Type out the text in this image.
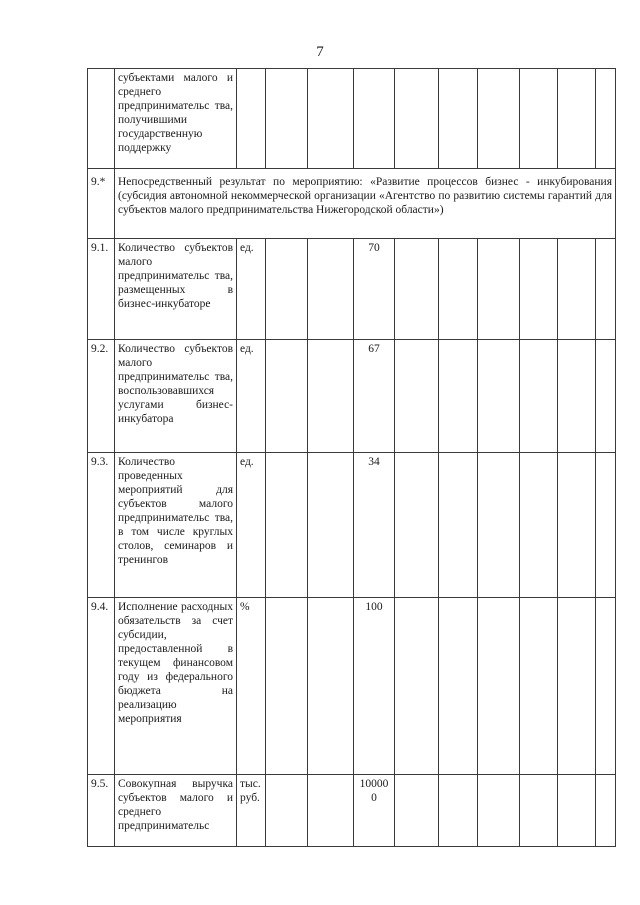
7
	субъектами малого и среднего предпринимательс тва, получившими государственную поддержку										
9.*	Непосредственный результат по мероприятию: «Развитие процессов бизнес - инкубирования (субсидия автономной некоммерческой организации «Агентство по развитию системы гарантий для субъектов малого предпринимательства Нижегородской области»)										
9.1.	Количество субъектов малого предпринимательс тва, размещенных в бизнес-инкубаторе	ед.			70						
9.2.	Количество субъектов малого предпринимательс тва, воспользовавшихся услугами бизнес-инкубатора	ед.			67						
9.3.	Количество проведенных мероприятий для субъектов малого предпринимательс тва, в том числе круглых столов, семинаров и тренингов	ед.			34						
9.4.	Исполнение расходных обязательств за счет субсидии, предоставленной в текущем финансовом году из федерального бюджета на реализацию мероприятия	%			100						
9.5.	Совокупная выручка субъектов малого и среднего предпринимательс	тыс. руб.			100000						
